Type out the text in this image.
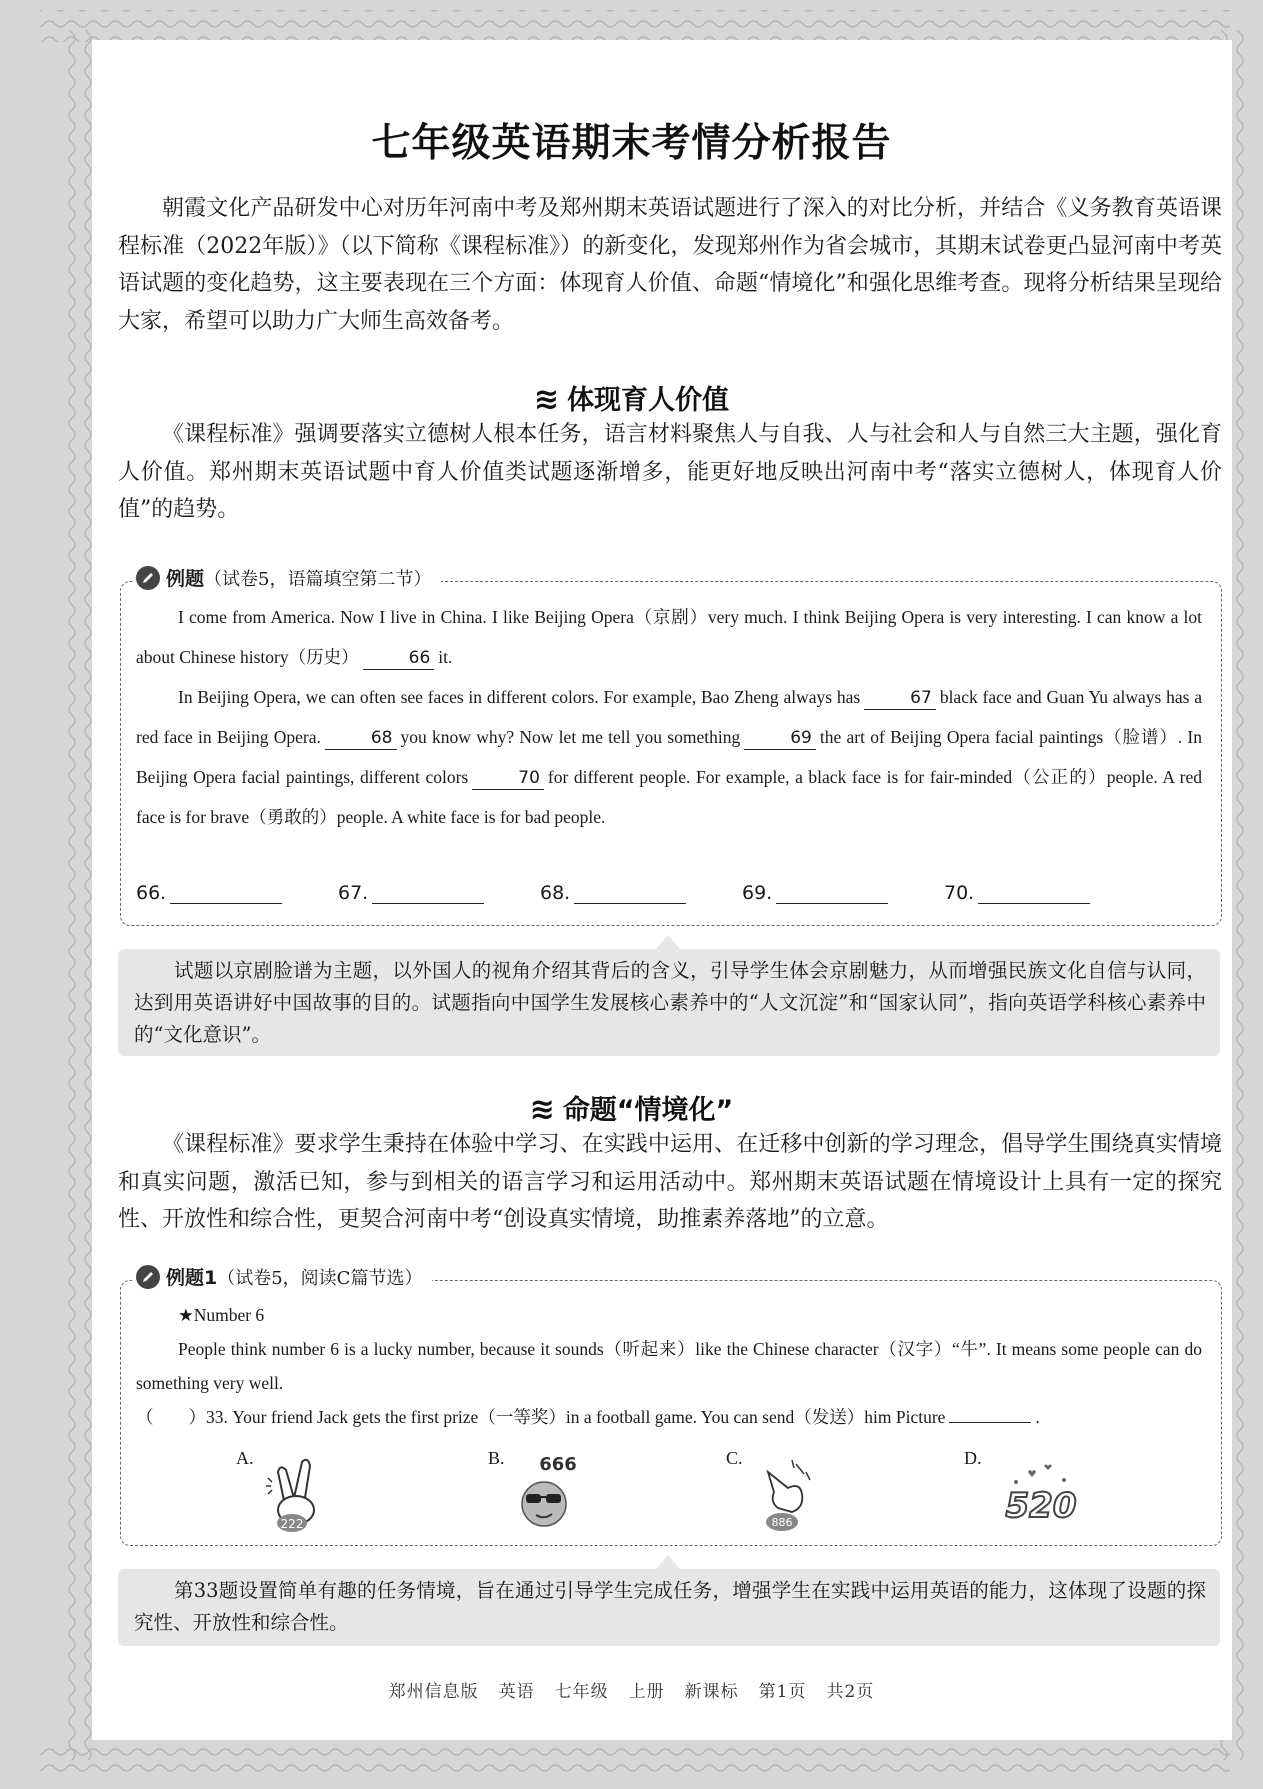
七年级英语期末考情分析报告
朝霞文化产品研发中心对历年河南中考及郑州期末英语试题进行了深入的对比分析，并结合《义务教育英语课程标准（2022年版）》（以下简称《课程标准》）的新变化，发现郑州作为省会城市，其期末试卷更凸显河南中考英语试题的变化趋势，这主要表现在三个方面：体现育人价值、命题“情境化”和强化思维考查。现将分析结果呈现给大家，希望可以助力广大师生高效备考。
≋ 体现育人价值
《课程标准》强调要落实立德树人根本任务，语言材料聚焦人与自我、人与社会和人与自然三大主题，强化育人价值。郑州期末英语试题中育人价值类试题逐渐增多，能更好地反映出河南中考“落实立德树人，体现育人价值”的趋势。
例题 （试卷5，语篇填空第二节）

I come from America. Now I live in China. I like Beijing Opera（京剧）very much. I think Beijing Opera is very interesting. I can know a lot about Chinese history（历史）	66 it.

In Beijing Opera, we can often see faces in different colors. For example, Bao Zheng always has	67 black face and Guan Yu always has a red face in Beijing Opera.	68 you know why? Now let me tell you something	69 the art of Beijing Opera facial paintings（脸谱）. In Beijing Opera facial paintings, different colors	70 for different people. For example, a black face is for fair-minded（公正的）people. A red face is for brave（勇敢的）people. A white face is for bad people.

66.	67.	68.	69.	70.

试题以京剧脸谱为主题，以外国人的视角介绍其背后的含义，引导学生体会京剧魅力，从而增强民族文化自信与认同，达到用英语讲好中国故事的目的。试题指向中国学生发展核心素养中的“人文沉淀”和“国家认同”，指向英语学科核心素养中的“文化意识”。

≋ 命题“情境化”
《课程标准》要求学生秉持在体验中学习、在实践中运用、在迁移中创新的学习理念，倡导学生围绕真实情境和真实问题，激活已知，参与到相关的语言学习和运用活动中。郑州期末英语试题在情境设计上具有一定的探究性、开放性和综合性，更契合河南中考“创设真实情境，助推素养落地”的立意。
例题1 （试卷5，阅读C篇节选）

★Number 6

People think number 6 is a lucky number, because it sounds（听起来）like the Chinese character（汉字）“牛”. It means some people can do something very well.

（　　）33. Your friend Jack gets the first prize（一等奖）in a football game. You can send（发送）him Picture	.

A.
222
B. 666	C.
886
D.
520

第33题设置简单有趣的任务情境，旨在通过引导学生完成任务，增强学生在实践中运用英语的能力，这体现了设题的探究性、开放性和综合性。

郑州信息版 英语 七年级 上册 新课标 第1页 共2页
